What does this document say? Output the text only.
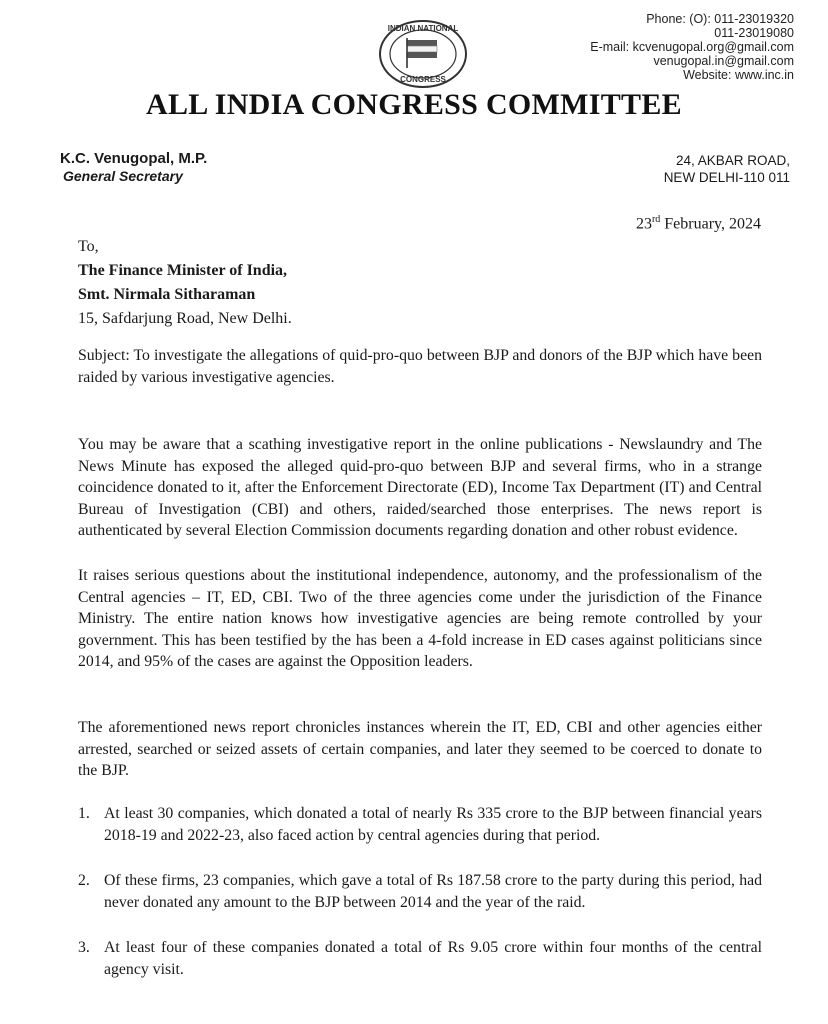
Phone: (O): 011-23019320
011-23019080
E-mail: kcvenugopal.org@gmail.com
venugopal.in@gmail.com
Website: www.inc.in
INDIAN NATIONAL
CONGRESS
ALL INDIA CONGRESS COMMITTEE
K.C. Venugopal, M.P.
General Secretary
24, AKBAR ROAD,
NEW DELHI-110 011
23rd February, 2024
To,
The Finance Minister of India,
Smt. Nirmala Sitharaman
15, Safdarjung Road, New Delhi.
Subject: To investigate the allegations of quid-pro-quo between BJP and donors of the BJP which have been raided by various investigative agencies.
You may be aware that a scathing investigative report in the online publications - Newslaundry and The News Minute has exposed the alleged quid-pro-quo between BJP and several firms, who in a strange coincidence donated to it, after the Enforcement Directorate (ED), Income Tax Department (IT) and Central Bureau of Investigation (CBI) and others, raided/searched those enterprises. The news report is authenticated by several Election Commission documents regarding donation and other robust evidence.
It raises serious questions about the institutional independence, autonomy, and the professionalism of the Central agencies – IT, ED, CBI. Two of the three agencies come under the jurisdiction of the Finance Ministry. The entire nation knows how investigative agencies are being remote controlled by your government. This has been testified by the has been a 4-fold increase in ED cases against politicians since 2014, and 95% of the cases are against the Opposition leaders.
The aforementioned news report chronicles instances wherein the IT, ED, CBI and other agencies either arrested, searched or seized assets of certain companies, and later they seemed to be coerced to donate to the BJP.
1. At least 30 companies, which donated a total of nearly Rs 335 crore to the BJP between financial years 2018-19 and 2022-23, also faced action by central agencies during that period.
2. Of these firms, 23 companies, which gave a total of Rs 187.58 crore to the party during this period, had never donated any amount to the BJP between 2014 and the year of the raid.
3. At least four of these companies donated a total of Rs 9.05 crore within four months of the central agency visit.
